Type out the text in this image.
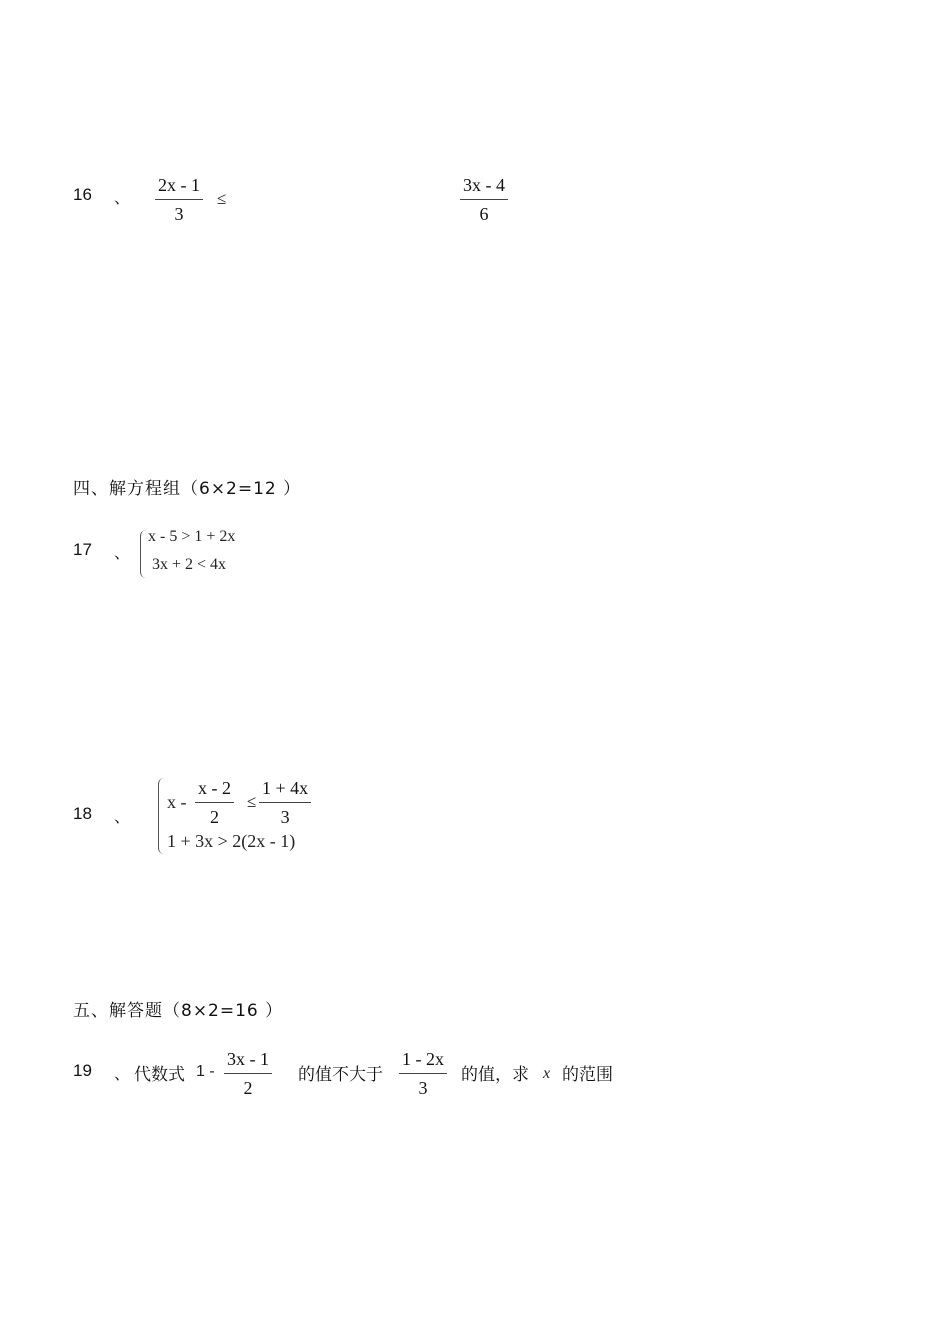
16 、
2x - 1
3
≤
3x - 4
6
四、解方程组（6×2=12 ）
17 、
x - 5 > 1 + 2x
3x + 2 < 4x
18 、
x -
x - 2
2
≤
1 + 4x
3
1 + 3x > 2(2x - 1)
五、解答题（8×2=16 ）
19 、 代数式 1 -
3x - 1
2
的值不大于
1 - 2x
3
的值，求 x 的范围
